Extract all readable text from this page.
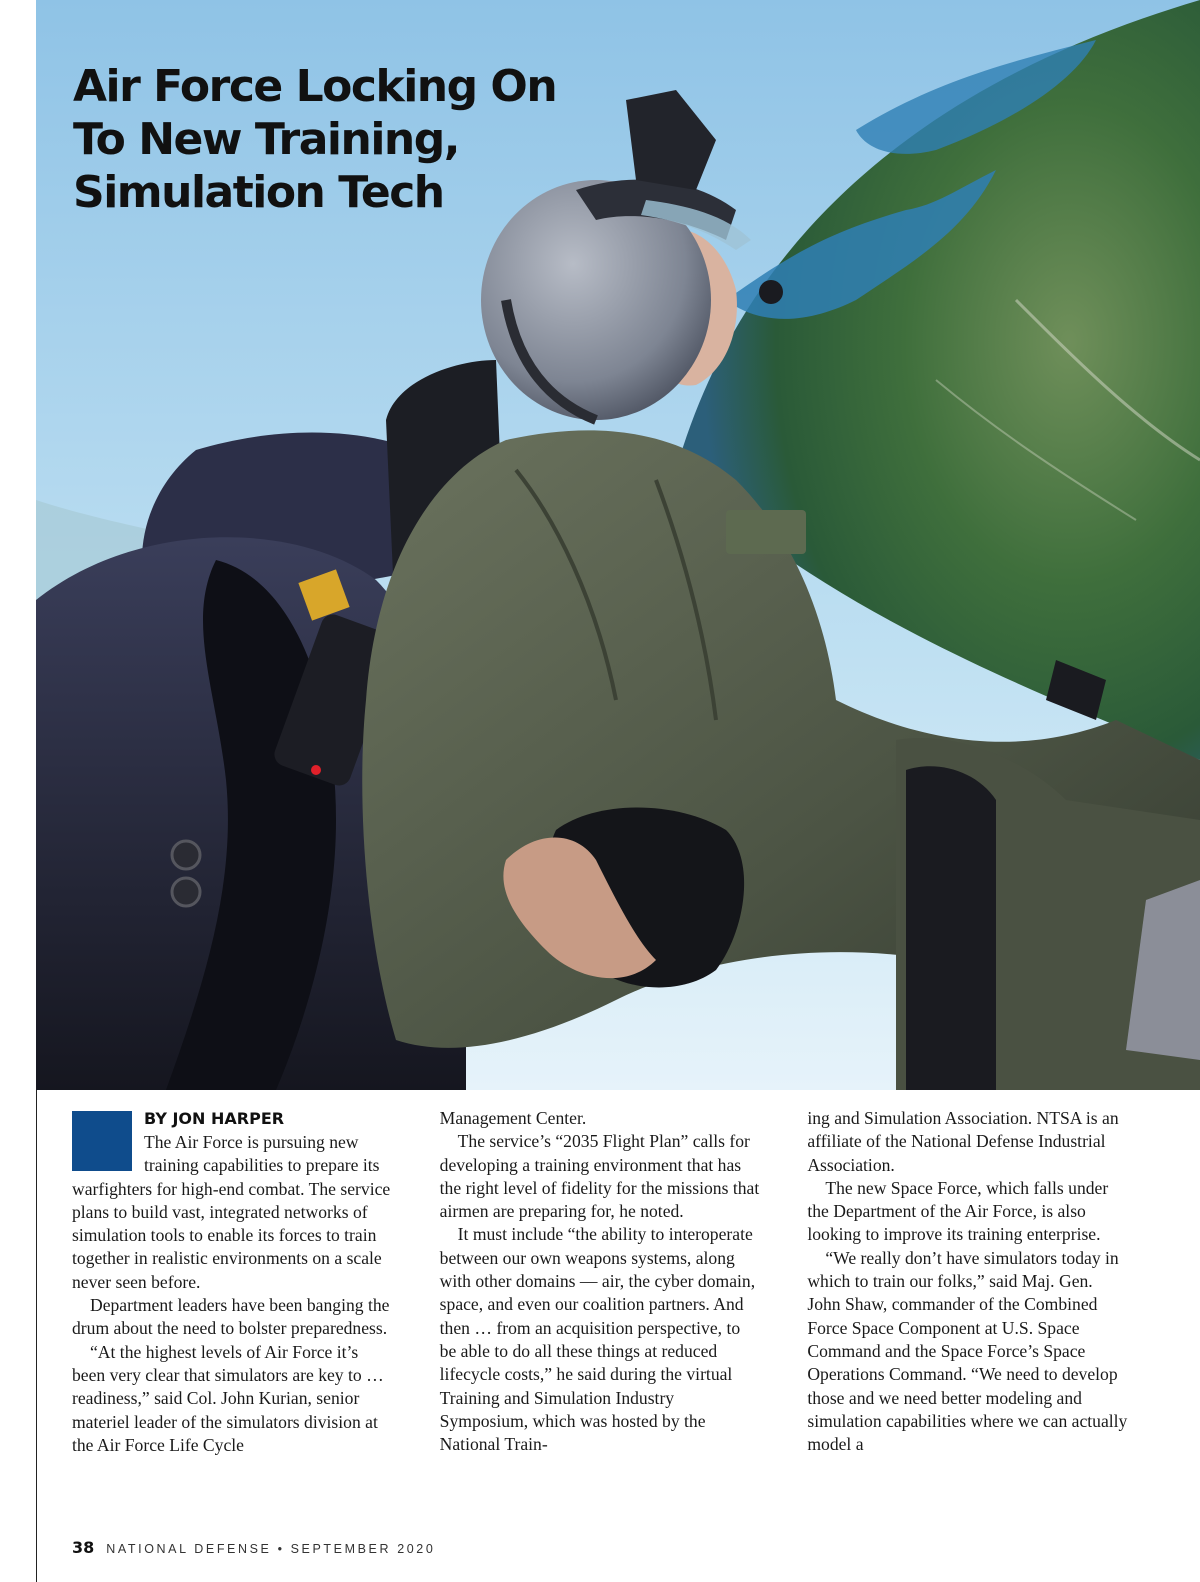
Air Force Locking On
To New Training,
Simulation Tech
BY JON HARPER

The Air Force is pursuing new training capabilities to prepare its warfighters for high-end combat. The service plans to build vast, integrated networks of simulation tools to enable its forces to train together in realistic environments on a scale never seen before.

Department leaders have been banging the drum about the need to bolster preparedness.

“At the highest levels of Air Force it’s been very clear that simulators are key to … readiness,” said Col. John Kurian, senior materiel leader of the simulators division at the Air Force Life Cycle

Management Center.

The service’s “2035 Flight Plan” calls for developing a training environment that has the right level of fidelity for the missions that airmen are preparing for, he noted.

It must include “the ability to interoperate between our own weapons systems, along with other domains — air, the cyber domain, space, and even our coalition partners. And then … from an acquisition perspective, to be able to do all these things at reduced lifecycle costs,” he said during the virtual Training and Simulation Industry Symposium, which was hosted by the National Train-

ing and Simulation Association. NTSA is an affiliate of the National Defense Industrial Association.

The new Space Force, which falls under the Department of the Air Force, is also looking to improve its training enterprise.

“We really don’t have simulators today in which to train our folks,” said Maj. Gen. John Shaw, commander of the Combined Force Space Component at U.S. Space Command and the Space Force’s Space Operations Command. “We need to develop those and we need better modeling and simulation capabilities where we can actually model a

38 NATIONAL DEFENSE • SEPTEMBER 2020
